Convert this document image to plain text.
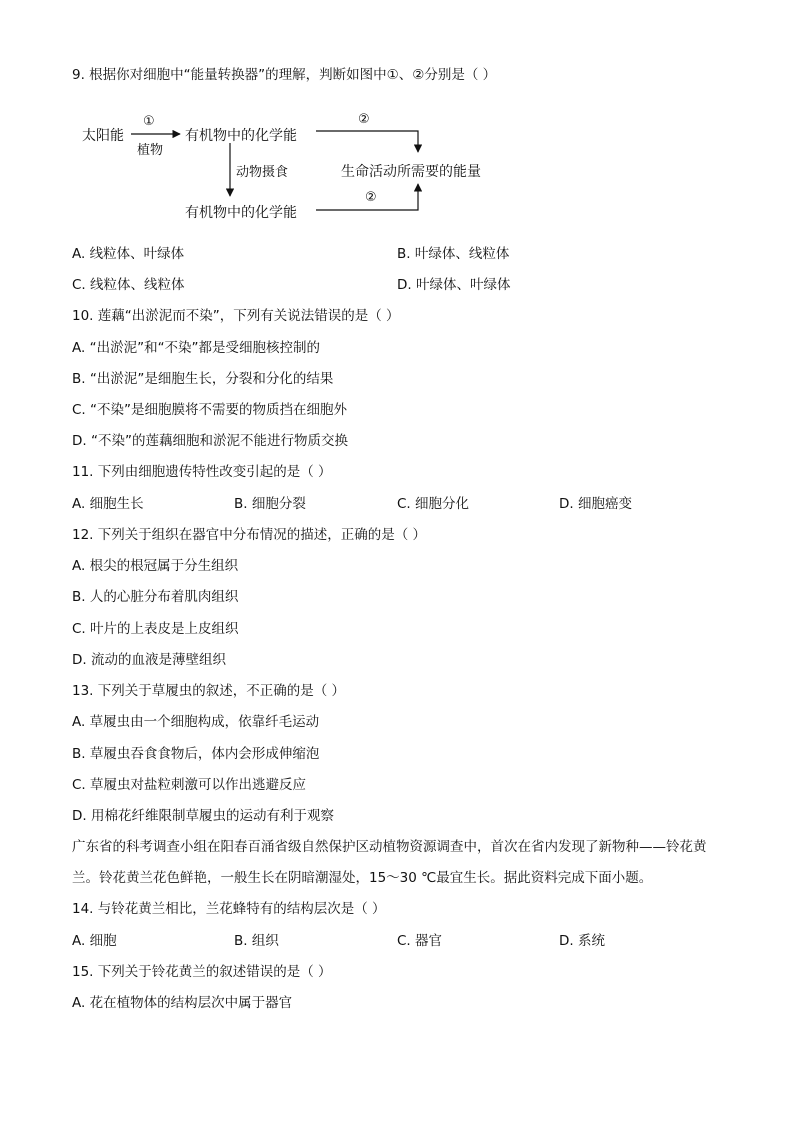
9. 根据你对细胞中“能量转换器”的理解，判断如图中①、②分别是（ ）
太阳能
①
植物
有机物中的化学能
②
动物摄食	生命活动所需要的能量
有机物中的化学能
②
A. 线粒体、叶绿体	B. 叶绿体、线粒体
C. 线粒体、线粒体	D. 叶绿体、叶绿体
10. 莲藕“出淤泥而不染”，下列有关说法错误的是（ ）
A. “出淤泥”和“不染”都是受细胞核控制的
B. “出淤泥”是细胞生长，分裂和分化的结果
C. “不染”是细胞膜将不需要的物质挡在细胞外
D. “不染”的莲藕细胞和淤泥不能进行物质交换
11. 下列由细胞遗传特性改变引起的是（ ）
A. 细胞生长	B. 细胞分裂	C. 细胞分化	D. 细胞癌变
12. 下列关于组织在器官中分布情况的描述，正确的是（ ）
A. 根尖的根冠属于分生组织
B. 人的心脏分布着肌肉组织
C. 叶片的上表皮是上皮组织
D. 流动的血液是薄壁组织
13. 下列关于草履虫的叙述，不正确的是（ ）
A. 草履虫由一个细胞构成，依靠纤毛运动
B. 草履虫吞食食物后，体内会形成伸缩泡
C. 草履虫对盐粒刺激可以作出逃避反应
D. 用棉花纤维限制草履虫的运动有利于观察
广东省的科考调查小组在阳春百涌省级自然保护区动植物资源调查中，首次在省内发现了新物种——铃花黄兰。铃花黄兰花色鲜艳，一般生长在阴暗潮湿处，15～30 ℃最宜生长。据此资料完成下面小题。
14. 与铃花黄兰相比，兰花蜂特有的结构层次是（ ）
A. 细胞	B. 组织	C. 器官	D. 系统
15. 下列关于铃花黄兰的叙述错误的是（ ）
A. 花在植物体的结构层次中属于器官
